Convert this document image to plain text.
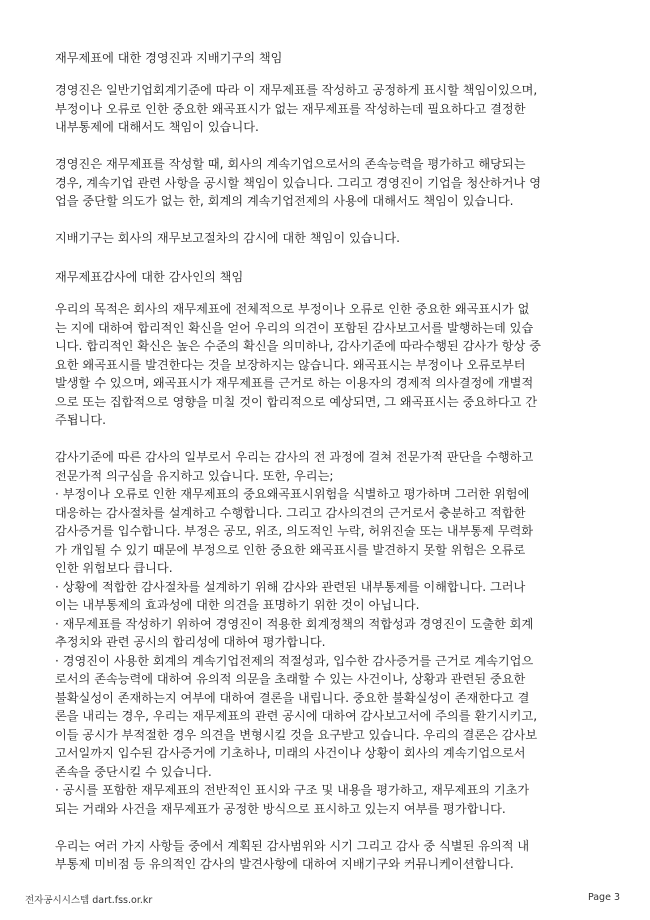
재무제표에 대한 경영진과 지배기구의 책임

경영진은 일반기업회계기준에 따라 이 재무제표를 작성하고 공정하게 표시할 책임이있으며,

부정이나 오류로 인한 중요한 왜곡표시가 없는 재무제표를 작성하는데 필요하다고 결정한

내부통제에 대해서도 책임이 있습니다.

경영진은 재무제표를 작성할 때, 회사의 계속기업으로서의 존속능력을 평가하고 해당되는

경우, 계속기업 관련 사항을 공시할 책임이 있습니다. 그리고 경영진이 기업을 청산하거나 영

업을 중단할 의도가 없는 한, 회계의 계속기업전제의 사용에 대해서도 책임이 있습니다.

지배기구는 회사의 재무보고절차의 감시에 대한 책임이 있습니다.

재무제표감사에 대한 감사인의 책임

우리의 목적은 회사의 재무제표에 전체적으로 부정이나 오류로 인한 중요한 왜곡표시가 없

는 지에 대하여 합리적인 확신을 얻어 우리의 의견이 포함된 감사보고서를 발행하는데 있습

니다. 합리적인 확신은 높은 수준의 확신을 의미하나, 감사기준에 따라수행된 감사가 항상 중

요한 왜곡표시를 발견한다는 것을 보장하지는 않습니다. 왜곡표시는 부정이나 오류로부터

발생할 수 있으며, 왜곡표시가 재무제표를 근거로 하는 이용자의 경제적 의사결정에 개별적

으로 또는 집합적으로 영향을 미칠 것이 합리적으로 예상되면, 그 왜곡표시는 중요하다고 간

주됩니다.

감사기준에 따른 감사의 일부로서 우리는 감사의 전 과정에 걸쳐 전문가적 판단을 수행하고

전문가적 의구심을 유지하고 있습니다. 또한, 우리는;

· 부정이나 오류로 인한 재무제표의 중요왜곡표시위험을 식별하고 평가하며 그러한 위험에

대응하는 감사절차를 설계하고 수행합니다. 그리고 감사의견의 근거로서 충분하고 적합한

감사증거를 입수합니다. 부정은 공모, 위조, 의도적인 누락, 허위진술 또는 내부통제 무력화

가 개입될 수 있기 때문에 부정으로 인한 중요한 왜곡표시를 발견하지 못할 위험은 오류로

인한 위험보다 큽니다.

· 상황에 적합한 감사절차를 설계하기 위해 감사와 관련된 내부통제를 이해합니다. 그러나

이는 내부통제의 효과성에 대한 의견을 표명하기 위한 것이 아닙니다.

· 재무제표를 작성하기 위하여 경영진이 적용한 회계정책의 적합성과 경영진이 도출한 회계

추정치와 관련 공시의 합리성에 대하여 평가합니다.

· 경영진이 사용한 회계의 계속기업전제의 적절성과, 입수한 감사증거를 근거로 계속기업으

로서의 존속능력에 대하여 유의적 의문을 초래할 수 있는 사건이나, 상황과 관련된 중요한

불확실성이 존재하는지 여부에 대하여 결론을 내립니다. 중요한 불확실성이 존재한다고 결

론을 내리는 경우, 우리는 재무제표의 관련 공시에 대하여 감사보고서에 주의를 환기시키고,

이들 공시가 부적절한 경우 의견을 변형시킬 것을 요구받고 있습니다. 우리의 결론은 감사보

고서일까지 입수된 감사증거에 기초하나, 미래의 사건이나 상황이 회사의 계속기업으로서

존속을 중단시킬 수 있습니다.

· 공시를 포함한 재무제표의 전반적인 표시와 구조 및 내용을 평가하고, 재무제표의 기초가

되는 거래와 사건을 재무제표가 공정한 방식으로 표시하고 있는지 여부를 평가합니다.

우리는 여러 가지 사항들 중에서 계획된 감사범위와 시기 그리고 감사 중 식별된 유의적 내

부통제 미비점 등 유의적인 감사의 발견사항에 대하여 지배기구와 커뮤니케이션합니다.

전자공시시스템 dart.fss.or.kr	Page 3
